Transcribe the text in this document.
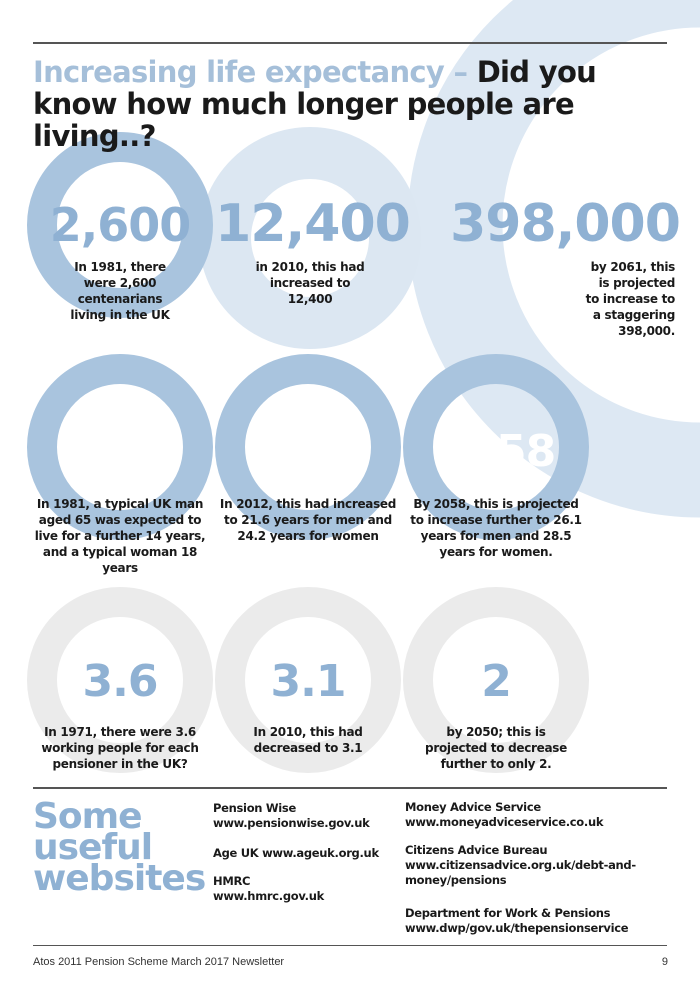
Increasing life expectancy – Did you know how much longer people are living..?
2,600
In 1981, there
were 2,600
centenarians
living in the UK
12,400
in 2010, this had
increased to
12,400
398,000
by 2061, this
is projected
to increase to
a staggering
398,000.
1981
In 1981, a typical UK man
aged 65 was expected to
live for a further 14 years,
and a typical woman 18
years
2012
In 2012, this had increased
to 21.6 years for men and
24.2 years for women
2058
By 2058, this is projected
to increase further to 26.1
years for men and 28.5
years for women.
3.6
In 1971, there were 3.6
working people for each
pensioner in the UK?
3.1
In 2010, this had
decreased to 3.1
2
by 2050; this is
projected to decrease
further to only 2.
Some
useful
websites
Pension Wise
www.pensionwise.gov.uk
Age UK www.ageuk.org.uk
HMRC
www.hmrc.gov.uk
Money Advice Service
www.moneyadviceservice.co.uk
Citizens Advice Bureau
www.citizensadvice.org.uk/debt-and-
money/pensions
Department for Work & Pensions
www.dwp/gov.uk/thepensionservice
Atos 2011 Pension Scheme March 2017 Newsletter	9
